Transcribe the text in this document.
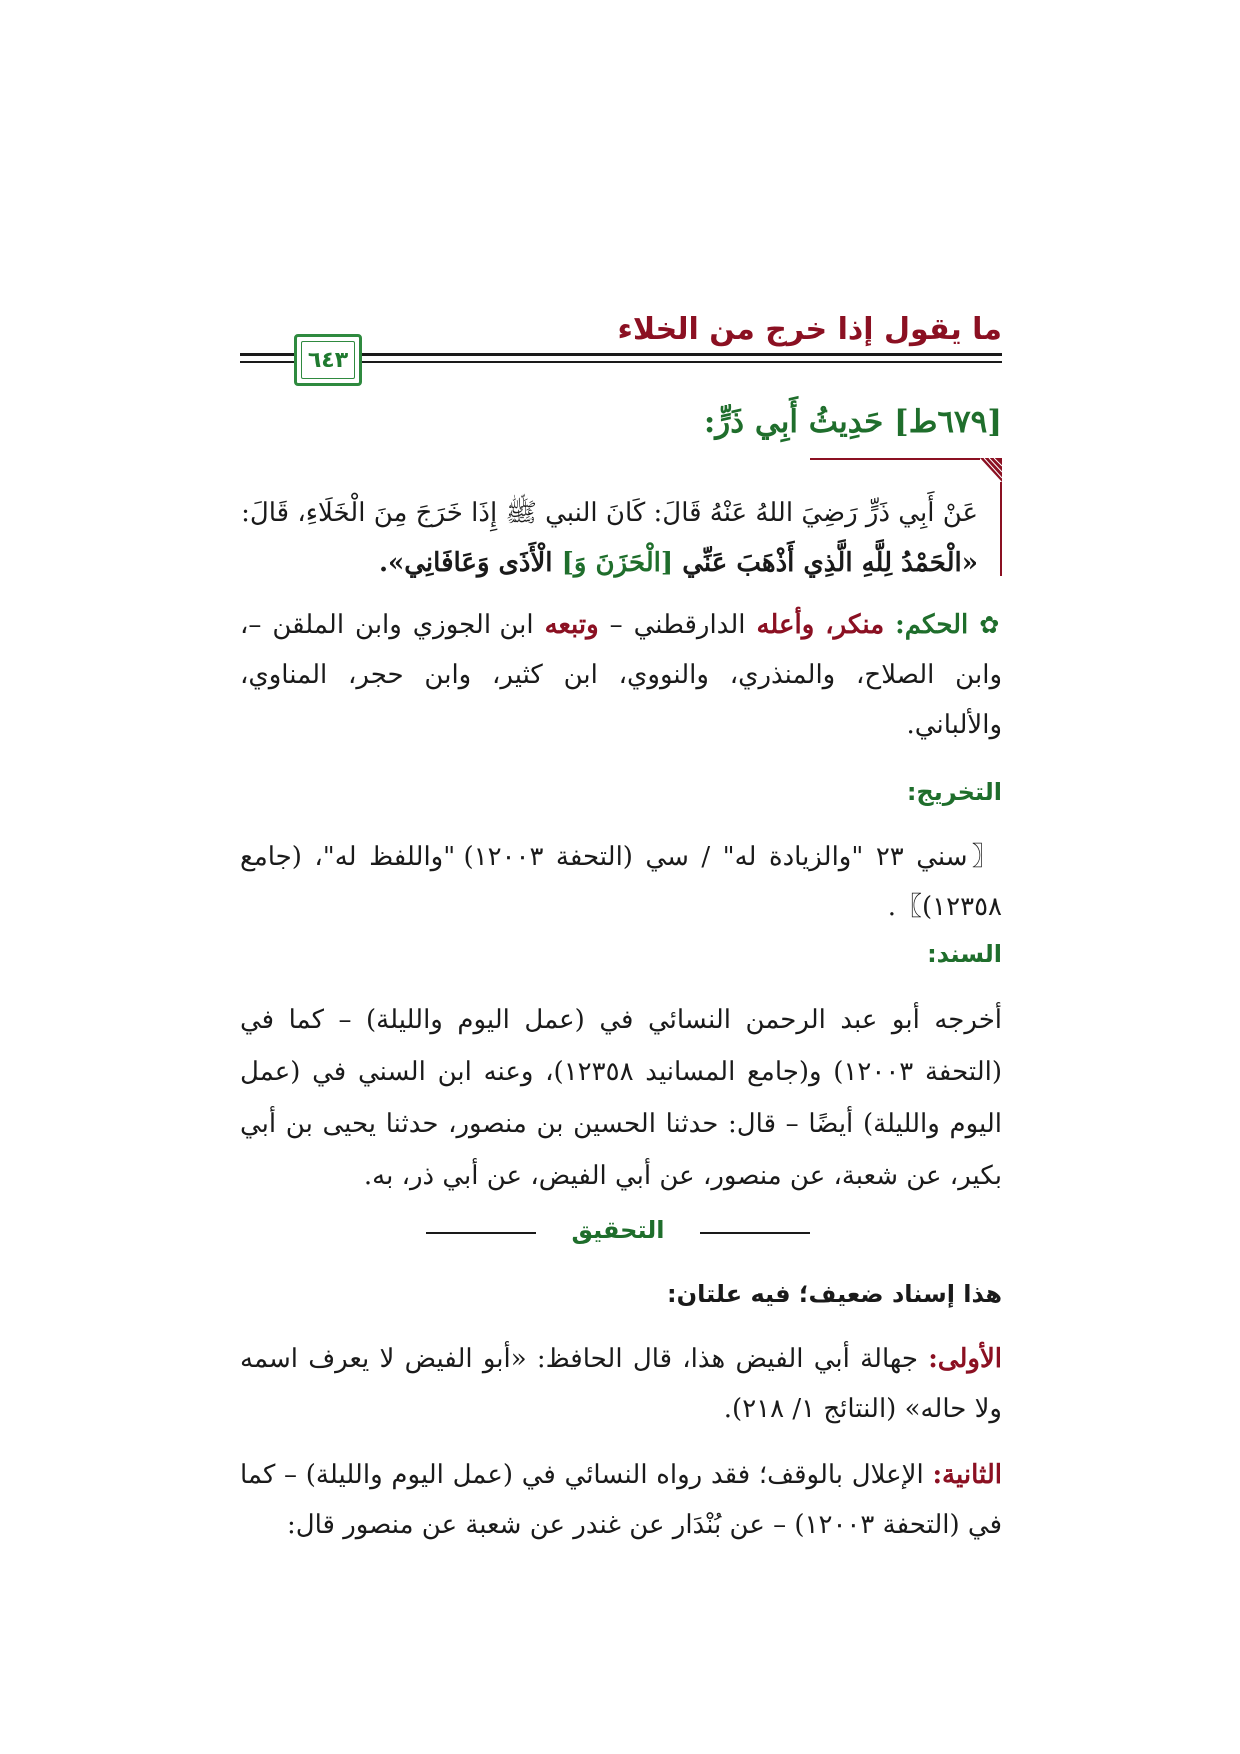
ما يقول إذا خرج من الخلاء
٦٤٣
[٦٧٩ط] حَدِيثُ أَبِي ذَرٍّ:
عَنْ أَبِي ذَرٍّ رَضِيَ اللهُ عَنْهُ قَالَ: كَانَ النبي ﷺ إِذَا خَرَجَ مِنَ الْخَلَاءِ، قَالَ:
«الْحَمْدُ لِلَّهِ الَّذِي أَذْهَبَ عَنِّي [الْحَزَنَ وَ] الْأَذَى وَعَافَانِي».
✿ الحكم: منكر، وأعله الدارقطني – وتبعه ابن الجوزي وابن الملقن –، وابن الصلاح، والمنذري، والنووي، ابن كثير، وابن حجر، المناوي، والألباني.
التخريج:
〖سني ٢٣ "والزيادة له" / سي (التحفة ١٢٠٠٣) "واللفظ له"، (جامع ١٢٣٥٨)〗.
السند:
أخرجه أبو عبد الرحمن النسائي في (عمل اليوم والليلة) – كما في (التحفة ١٢٠٠٣) و(جامع المسانيد ١٢٣٥٨)، وعنه ابن السني في (عمل اليوم والليلة) أيضًا – قال: حدثنا الحسين بن منصور، حدثنا يحيى بن أبي بكير، عن شعبة، عن منصور، عن أبي الفيض، عن أبي ذر، به.
التحقيق
هذا إسناد ضعيف؛ فيه علتان:
الأولى: جهالة أبي الفيض هذا، قال الحافظ: «أبو الفيض لا يعرف اسمه ولا حاله» (النتائج ١/ ٢١٨).
الثانية: الإعلال بالوقف؛ فقد رواه النسائي في (عمل اليوم والليلة) – كما في (التحفة ١٢٠٠٣) – عن بُنْدَار عن غندر عن شعبة عن منصور قال:
